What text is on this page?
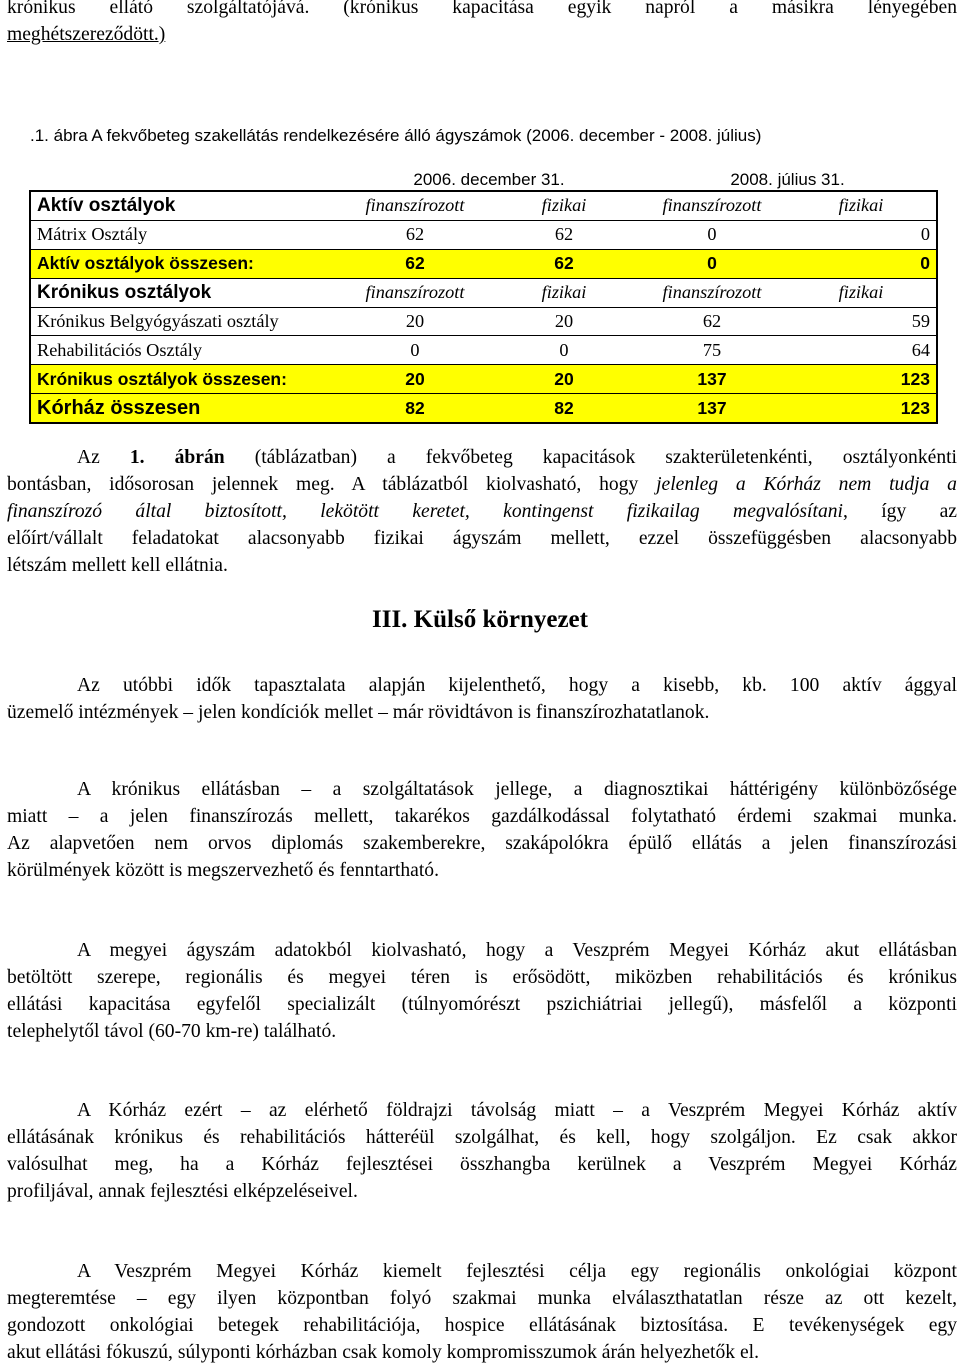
krónikus ellátó szolgáltatójává. (krónikus kapacitása egyik napról a másikra lényegében
meghétszereződött.)
.1. ábra A fekvőbeteg szakellátás rendelkezésére álló ágyszámok (2006. december - 2008. július)
	2006. december 31.		2008. július 31.	
Aktív osztályok	finanszírozott	fizikai	finanszírozott	fizikai
Mátrix Osztály	62	62	0	0
Aktív osztályok összesen:	62	62	0	0
Krónikus osztályok	finanszírozott	fizikai	finanszírozott	fizikai
Krónikus Belgyógyászati osztály	20	20	62	59
Rehabilitációs Osztály	0	0	75	64
Krónikus osztályok összesen:	20	20	137	123
Kórház összesen	82	82	137	123
Az 1. ábrán (táblázatban) a fekvőbeteg kapacitások szakterületenkénti, osztályonkénti
bontásban, idősorosan jelennek meg. A táblázatból kiolvasható, hogy jelenleg a Kórház nem tudja a
finanszírozó által biztosított, lekötött keretet, kontingenst fizikailag megvalósítani, így az
előírt/vállalt feladatokat alacsonyabb fizikai ágyszám mellett, ezzel összefüggésben alacsonyabb
létszám mellett kell ellátnia.
III. Külső környezet
Az utóbbi idők tapasztalata alapján kijelenthető, hogy a kisebb, kb. 100 aktív ággyal
üzemelő intézmények – jelen kondíciók mellet – már rövidtávon is finanszírozhatatlanok.
A krónikus ellátásban – a szolgáltatások jellege, a diagnosztikai háttérigény különbözősége
miatt – a jelen finanszírozás mellett, takarékos gazdálkodással folytatható érdemi szakmai munka.
Az alapvetően nem orvos diplomás szakemberekre, szakápolókra épülő ellátás a jelen finanszírozási
körülmények között is megszervezhető és fenntartható.
A megyei ágyszám adatokból kiolvasható, hogy a Veszprém Megyei Kórház akut ellátásban
betöltött szerepe, regionális és megyei téren is erősödött, miközben rehabilitációs és krónikus
ellátási kapacitása egyfelől specializált (túlnyomórészt pszichiátriai jellegű), másfelől a központi
telephelytől távol (60-70 km-re) található.
A Kórház ezért – az elérhető földrajzi távolság miatt – a Veszprém Megyei Kórház aktív
ellátásának krónikus és rehabilitációs hátteréül szolgálhat, és kell, hogy szolgáljon. Ez csak akkor
valósulhat meg, ha a Kórház fejlesztései összhangba kerülnek a Veszprém Megyei Kórház
profiljával, annak fejlesztési elképzeléseivel.
A Veszprém Megyei Kórház kiemelt fejlesztési célja egy regionális onkológiai központ
megteremtése – egy ilyen központban folyó szakmai munka elválaszthatatlan része az ott kezelt,
gondozott onkológiai betegek rehabilitációja, hospice ellátásának biztosítása. E tevékenységek egy
akut ellátási fókuszú, súlyponti kórházban csak komoly kompromisszumok árán helyezhetők el.
